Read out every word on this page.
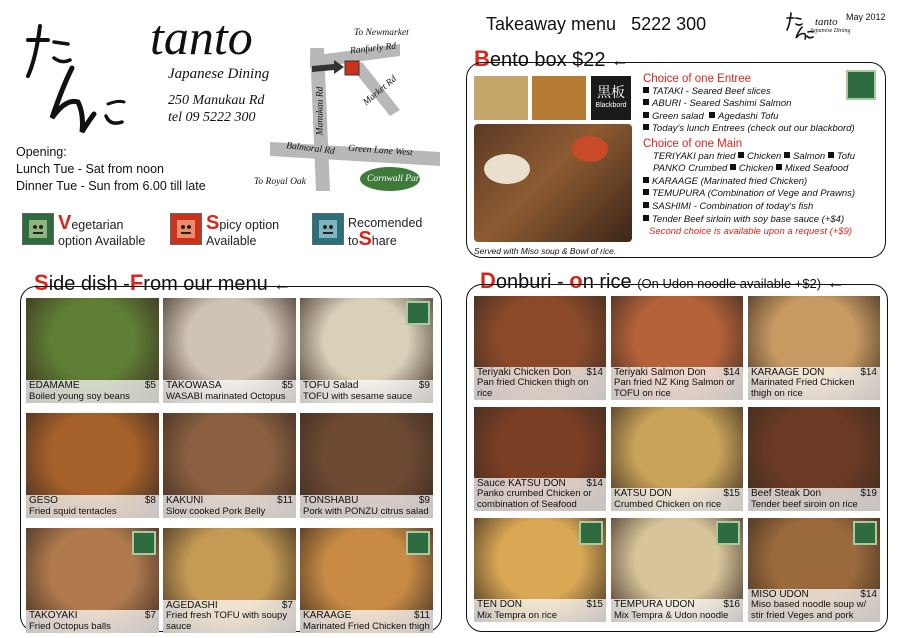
tanto
Japanese Dining
250 Manukau Rd
tel 09 5222 300
Opening:
Lunch Tue - Sat from noon
Dinner Tue - Sun from 6.00 till late
To Newmarket
Ranfurly Rd
Market Rd
Manukau Rd
Balmoral Rd Green Lane West
To Royal Oak	Cornwall Park
Vegetarian
option Available
Spicy option
Available
Recomended
toShare
Takeaway menu 5222 300	tanto
Japanese Dining
May 2012
Bento box $22 ←
黒板
Blackbord
Served with Miso soup & Bowl of rice.
Choice of one Entree
TATAKI - Seared Beef slices
ABURI - Seared Sashimi Salmon
Green salad Agedashi Tofu
Today's lunch Entrees (check out our blackbord)
Choice of one Main
TERIYAKI pan fried Chicken Salmon Tofu
PANKO Crumbed Chicken Mixed Seafood
KARAAGE (Marinated fried Chicken)
TEMUPURA (Combination of Vege and Prawns)
SASHIMI - Combination of today's fish
Tender Beef sirloin with soy base sauce (+$4)
Second choice is available upon a request (+$9)
Side dish -From our menu ←
EDAMAME	$5
Boiled young soy beans
TAKOWASA	$5
WASABI marinated Octopus
TOFU Salad	$9
TOFU with sesame sauce
GESO	$8
Fried squid tentacles
KAKUNI	$11
Slow cooked Pork Belly
TONSHABU	$9
Pork with PONZU citrus salad
TAKOYAKI	$7
Fried Octopus balls
AGEDASHI	$7
Fried fresh TOFU with soupy sauce
KARAAGE	$11
Marinated Fried Chicken thigh
Donburi - on rice (On Udon noodle available +$2) ←
Teriyaki Chicken Don $14
Pan fried Chicken thigh on rice
Teriyaki Salmon Don $14
Pan fried NZ King Salmon or TOFU on rice
KARAAGE DON	$14
Marinated Fried Chicken thigh on rice
Sauce KATSU DON $14
Panko crumbed Chicken or combination of Seafood
KATSU DON	$15
Crumbed Chicken on rice
Beef Steak Don	$19
Tender beef siroin on rice
TEN DON	$15
Mix Tempra on rice
TEMPURA UDON	$16
Mix Tempra & Udon noodle
MISO UDON	$14
Miso based noodle soup w/ stir fried Veges and pork
